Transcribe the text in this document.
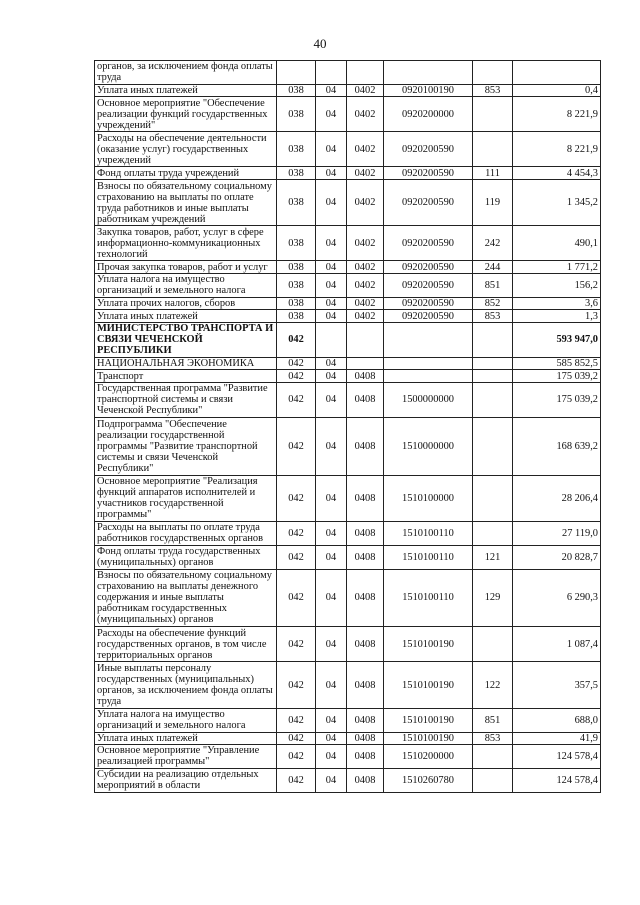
40
органов, за исключением фонда оплаты труда						
Уплата иных платежей	038	04	0402	0920100190	853	0,4
Основное мероприятие "Обеспечение реализации функций государственных учреждений"	038	04	0402	0920200000		8 221,9
Расходы на обеспечение деятельности (оказание услуг) государственных учреждений	038	04	0402	0920200590		8 221,9
Фонд оплаты труда учреждений	038	04	0402	0920200590	111	4 454,3
Взносы по обязательному социальному страхованию на выплаты по оплате труда работников и иные выплаты работникам учреждений	038	04	0402	0920200590	119	1 345,2
Закупка товаров, работ, услуг в сфере информационно-коммуникационных технологий	038	04	0402	0920200590	242	490,1
Прочая закупка товаров, работ и услуг	038	04	0402	0920200590	244	1 771,2
Уплата налога на имущество организаций и земельного налога	038	04	0402	0920200590	851	156,2
Уплата прочих налогов, сборов	038	04	0402	0920200590	852	3,6
Уплата иных платежей	038	04	0402	0920200590	853	1,3
МИНИСТЕРСТВО ТРАНСПОРТА И СВЯЗИ ЧЕЧЕНСКОЙ РЕСПУБЛИКИ	042					593 947,0
НАЦИОНАЛЬНАЯ ЭКОНОМИКА	042	04				585 852,5
Транспорт	042	04	0408			175 039,2
Государственная программа "Развитие транспортной системы и связи Чеченской Республики"	042	04	0408	1500000000		175 039,2
Подпрограмма "Обеспечение реализации государственной программы "Развитие транспортной системы и связи Чеченской Республики"	042	04	0408	1510000000		168 639,2
Основное мероприятие "Реализация функций аппаратов исполнителей и участников государственной программы"	042	04	0408	1510100000		28 206,4
Расходы на выплаты по оплате труда работников государственных органов	042	04	0408	1510100110		27 119,0
Фонд оплаты труда государственных (муниципальных) органов	042	04	0408	1510100110	121	20 828,7
Взносы по обязательному социальному страхованию на выплаты денежного содержания и иные выплаты работникам государственных (муниципальных) органов	042	04	0408	1510100110	129	6 290,3
Расходы на обеспечение функций государственных органов, в том числе территориальных органов	042	04	0408	1510100190		1 087,4
Иные выплаты персоналу государственных (муниципальных) органов, за исключением фонда оплаты труда	042	04	0408	1510100190	122	357,5
Уплата налога на имущество организаций и земельного налога	042	04	0408	1510100190	851	688,0
Уплата иных платежей	042	04	0408	1510100190	853	41,9
Основное мероприятие "Управление реализацией программы"	042	04	0408	1510200000		124 578,4
Субсидии на реализацию отдельных мероприятий в области	042	04	0408	1510260780		124 578,4
